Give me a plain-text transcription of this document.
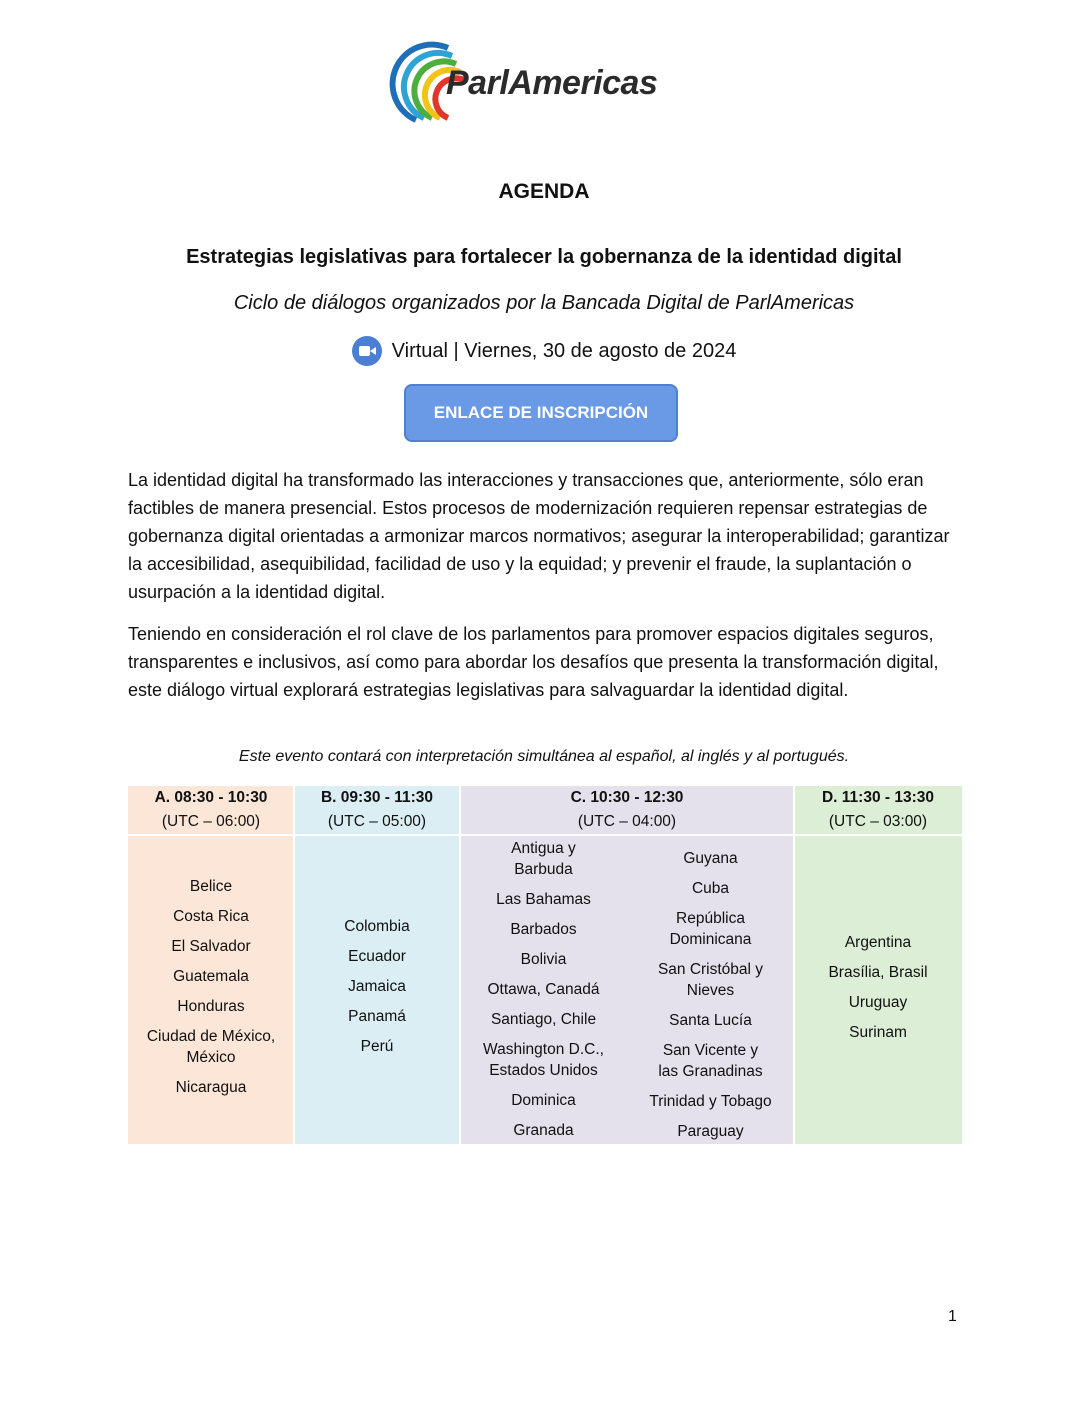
ParlAmericas
AGENDA
Estrategias legislativas para fortalecer la gobernanza de la identidad digital
Ciclo de diálogos organizados por la Bancada Digital de ParlAmericas
Virtual | Viernes, 30 de agosto de 2024
ENLACE DE INSCRIPCIÓN

La identidad digital ha transformado las interacciones y transacciones que, anteriormente, sólo eran factibles de manera presencial. Estos procesos de modernización requieren repensar estrategias de gobernanza digital orientadas a armonizar marcos normativos; asegurar la interoperabilidad; garantizar la accesibilidad, asequibilidad, facilidad de uso y la equidad; y prevenir el fraude, la suplantación o usurpación a la identidad digital.

Teniendo en consideración el rol clave de los parlamentos para promover espacios digitales seguros, transparentes e inclusivos, así como para abordar los desafíos que presenta la transformación digital, este diálogo virtual explorará estrategias legislativas para salvaguardar la identidad digital.

Este evento contará con interpretación simultánea al español, al inglés y al portugués.
A. 08:30 - 10:30
(UTC – 06:00)
Belice
Costa Rica
El Salvador
Guatemala
Honduras
Ciudad de México, México
Nicaragua
B. 09:30 - 11:30
(UTC – 05:00)
Colombia
Ecuador
Jamaica
Panamá
Perú
C. 10:30 - 12:30
(UTC – 04:00)
Antigua y Barbuda
Las Bahamas
Barbados
Bolivia
Ottawa, Canadá
Santiago, Chile
Washington D.C., Estados Unidos
Dominica
Granada
Guyana
Cuba
República Dominicana
San Cristóbal y Nieves
Santa Lucía
San Vicente y las Granadinas
Trinidad y Tobago
Paraguay
D. 11:30 - 13:30
(UTC – 03:00)
Argentina
Brasília, Brasil
Uruguay
Surinam
1
